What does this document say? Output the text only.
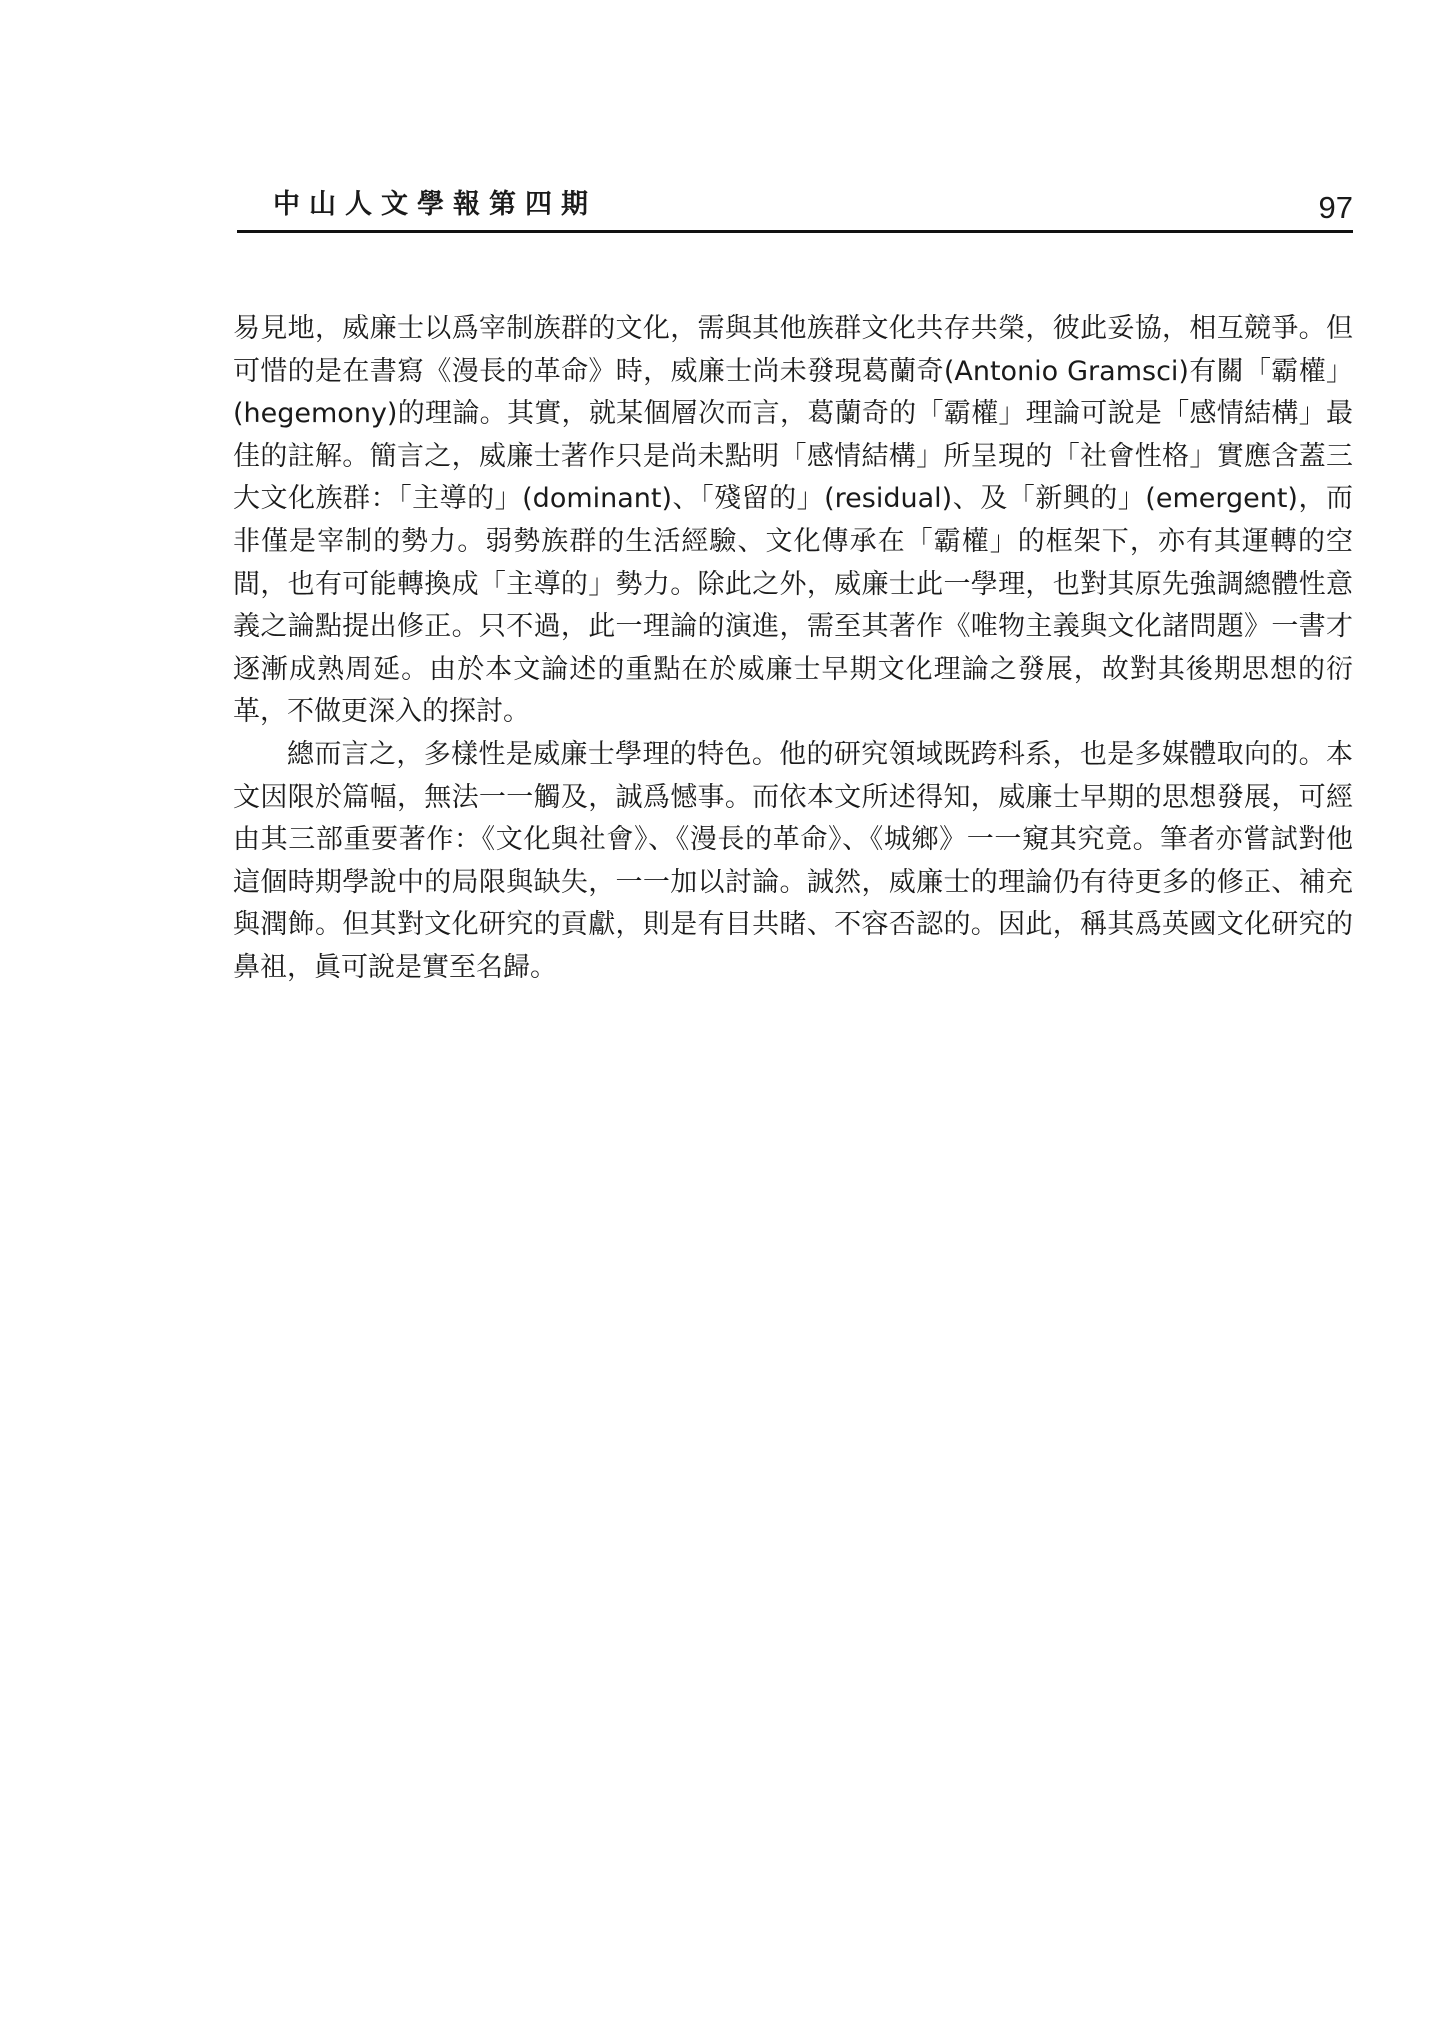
中山人文學報第四期	97

易見地，威廉士以爲宰制族群的文化，需與其他族群文化共存共榮，彼此妥協，相互競爭。但可惜的是在書寫《漫長的革命》時，威廉士尚未發現葛蘭奇(Antonio Gramsci)有關「霸權」(hegemony)的理論。其實，就某個層次而言，葛蘭奇的「霸權」理論可說是「感情結構」最佳的註解。簡言之，威廉士著作只是尚未點明「感情結構」所呈現的「社會性格」實應含蓋三大文化族群：「主導的」(dominant)、「殘留的」(residual)、及「新興的」(emergent)，而非僅是宰制的勢力。弱勢族群的生活經驗、文化傳承在「霸權」的框架下，亦有其運轉的空間，也有可能轉換成「主導的」勢力。除此之外，威廉士此一學理，也對其原先強調總體性意義之論點提出修正。只不過，此一理論的演進，需至其著作《唯物主義與文化諸問題》一書才逐漸成熟周延。由於本文論述的重點在於威廉士早期文化理論之發展，故對其後期思想的衍革，不做更深入的探討。

總而言之，多樣性是威廉士學理的特色。他的研究領域既跨科系，也是多媒體取向的。本文因限於篇幅，無法一一觸及，誠爲憾事。而依本文所述得知，威廉士早期的思想發展，可經由其三部重要著作：《文化與社會》、《漫長的革命》、《城鄉》一一窺其究竟。筆者亦嘗試對他這個時期學說中的局限與缺失，一一加以討論。誠然，威廉士的理論仍有待更多的修正、補充與潤飾。但其對文化研究的貢獻，則是有目共睹、不容否認的。因此，稱其爲英國文化研究的鼻祖，眞可說是實至名歸。
